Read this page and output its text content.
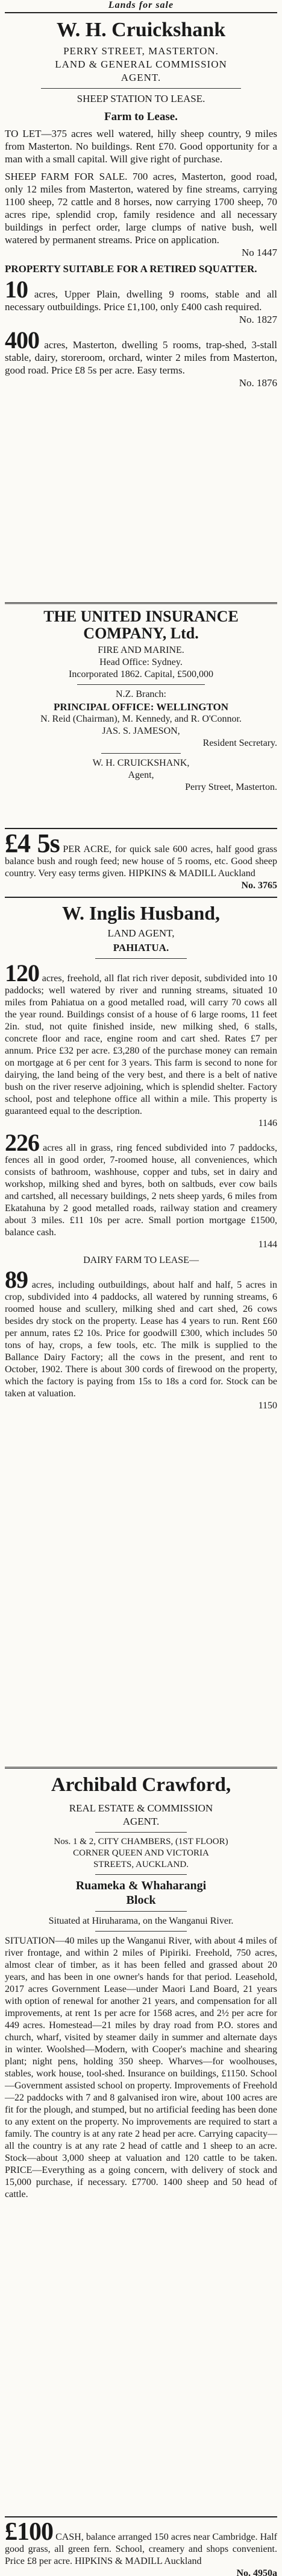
Lands for sale
W. H. Cruickshank
PERRY STREET, MASTERTON.
LAND & GENERAL COMMISSION
AGENT.
SHEEP STATION TO LEASE.
Farm to Lease.

TO LET—375 acres well watered, hilly sheep country, 9 miles from Masterton. No buildings. Rent £70. Good opportunity for a man with a small capital. Will give right of purchase.

SHEEP FARM FOR SALE. 700 acres, Masterton, good road, only 12 miles from Masterton, watered by fine streams, carrying 1100 sheep, 72 cattle and 8 horses, now carrying 1700 sheep, 70 acres ripe, splendid crop, family residence and all necessary buildings in perfect order, large clumps of native bush, well watered by permanent streams. Price on application.

No 1447

PROPERTY SUITABLE FOR A RETIRED SQUATTER.

10 acres, Upper Plain, dwelling 9 rooms, stable and all necessary outbuildings. Price £1,100, only £400 cash required.

No. 1827

400 acres, Masterton, dwelling 5 rooms, trap-shed, 3-stall stable, dairy, storeroom, orchard, winter 2 miles from Masterton, good road. Price £8 5s per acre. Easy terms.

No. 1876
THE UNITED INSURANCE
COMPANY, Ltd.
FIRE AND MARINE.
Head Office: Sydney.
Incorporated 1862. Capital, £500,000
N.Z. Branch:
PRINCIPAL OFFICE: WELLINGTON
N. Reid (Chairman), M. Kennedy, and R. O'Connor.
JAS. S. JAMESON,
Resident Secretary.
W. H. CRUICKSHANK,
Agent,
Perry Street, Masterton.

£4 5s PER ACRE, for quick sale 600 acres, half good grass balance bush and rough feed; new house of 5 rooms, etc. Good sheep country. Very easy terms given. HIPKINS & MADILL Auckland

No. 3765
W. Inglis Husband,
LAND AGENT,
PAHIATUA.

120 acres, freehold, all flat rich river deposit, subdivided into 10 paddocks; well watered by river and running streams, situated 10 miles from Pahiatua on a good metalled road, will carry 70 cows all the year round. Buildings consist of a house of 6 large rooms, 11 feet 2in. stud, not quite finished inside, new milking shed, 6 stalls, concrete floor and race, engine room and cart shed. Rates £7 per annum. Price £32 per acre. £3,280 of the purchase money can remain on mortgage at 6 per cent for 3 years. This farm is second to none for dairying, the land being of the very best, and there is a belt of native bush on the river reserve adjoining, which is splendid shelter. Factory school, post and telephone office all within a mile. This property is guaranteed equal to the description.

1146

226 acres all in grass, ring fenced subdivided into 7 paddocks, fences all in good order, 7-roomed house, all conveniences, which consists of bathroom, washhouse, copper and tubs, set in dairy and workshop, milking shed and byres, both on saltbuds, ever cow bails and cartshed, all necessary buildings, 2 nets sheep yards, 6 miles from Ekatahuna by 2 good metalled roads, railway station and creamery about 3 miles. £11 10s per acre. Small portion mortgage £1500, balance cash.

1144
DAIRY FARM TO LEASE—

89 acres, including outbuildings, about half and half, 5 acres in crop, subdivided into 4 paddocks, all watered by running streams, 6 roomed house and scullery, milking shed and cart shed, 26 cows besides dry stock on the property. Lease has 4 years to run. Rent £60 per annum, rates £2 10s. Price for goodwill £300, which includes 50 tons of hay, crops, a few tools, etc. The milk is supplied to the Ballance Dairy Factory; all the cows in the present, and rent to October, 1902. There is about 300 cords of firewood on the property, which the factory is paying from 15s to 18s a cord for. Stock can be taken at valuation.

1150
Archibald Crawford,
REAL ESTATE & COMMISSION
AGENT.
Nos. 1 & 2, CITY CHAMBERS, (1ST FLOOR)
CORNER QUEEN AND VICTORIA
STREETS, AUCKLAND.
Ruameka & Whaharangi
Block
Situated at Hiruharama, on the Wanganui River.

SITUATION—40 miles up the Wanganui River, with about 4 miles of river frontage, and within 2 miles of Pipiriki. Freehold, 750 acres, almost clear of timber, as it has been felled and grassed about 20 years, and has been in one owner's hands for that period. Leasehold, 2017 acres Government Lease—under Maori Land Board, 21 years with option of renewal for another 21 years, and compensation for all improvements, at rent 1s per acre for 1568 acres, and 2½ per acre for 449 acres. Homestead—21 miles by dray road from P.O. stores and church, wharf, visited by steamer daily in summer and alternate days in winter. Woolshed—Modern, with Cooper's machine and shearing plant; night pens, holding 350 sheep. Wharves—for woolhouses, stables, work house, tool-shed. Insurance on buildings, £1150. School—Government assisted school on property. Improvements of Freehold—22 paddocks with 7 and 8 galvanised iron wire, about 100 acres are fit for the plough, and stumped, but no artificial feeding has been done to any extent on the property. No improvements are required to start a family. The country is at any rate 2 head per acre. Carrying capacity—all the country is at any rate 2 head of cattle and 1 sheep to an acre. Stock—about 3,000 sheep at valuation and 120 cattle to be taken. PRICE—Everything as a going concern, with delivery of stock and 15,000 purchase, if necessary. £7700. 1400 sheep and 50 head of cattle.

£100 CASH, balance arranged 150 acres near Cambridge. Half good grass, all green fern. School, creamery and shops convenient. Price £8 per acre. HIPKINS & MADILL Auckland

No. 4950a
